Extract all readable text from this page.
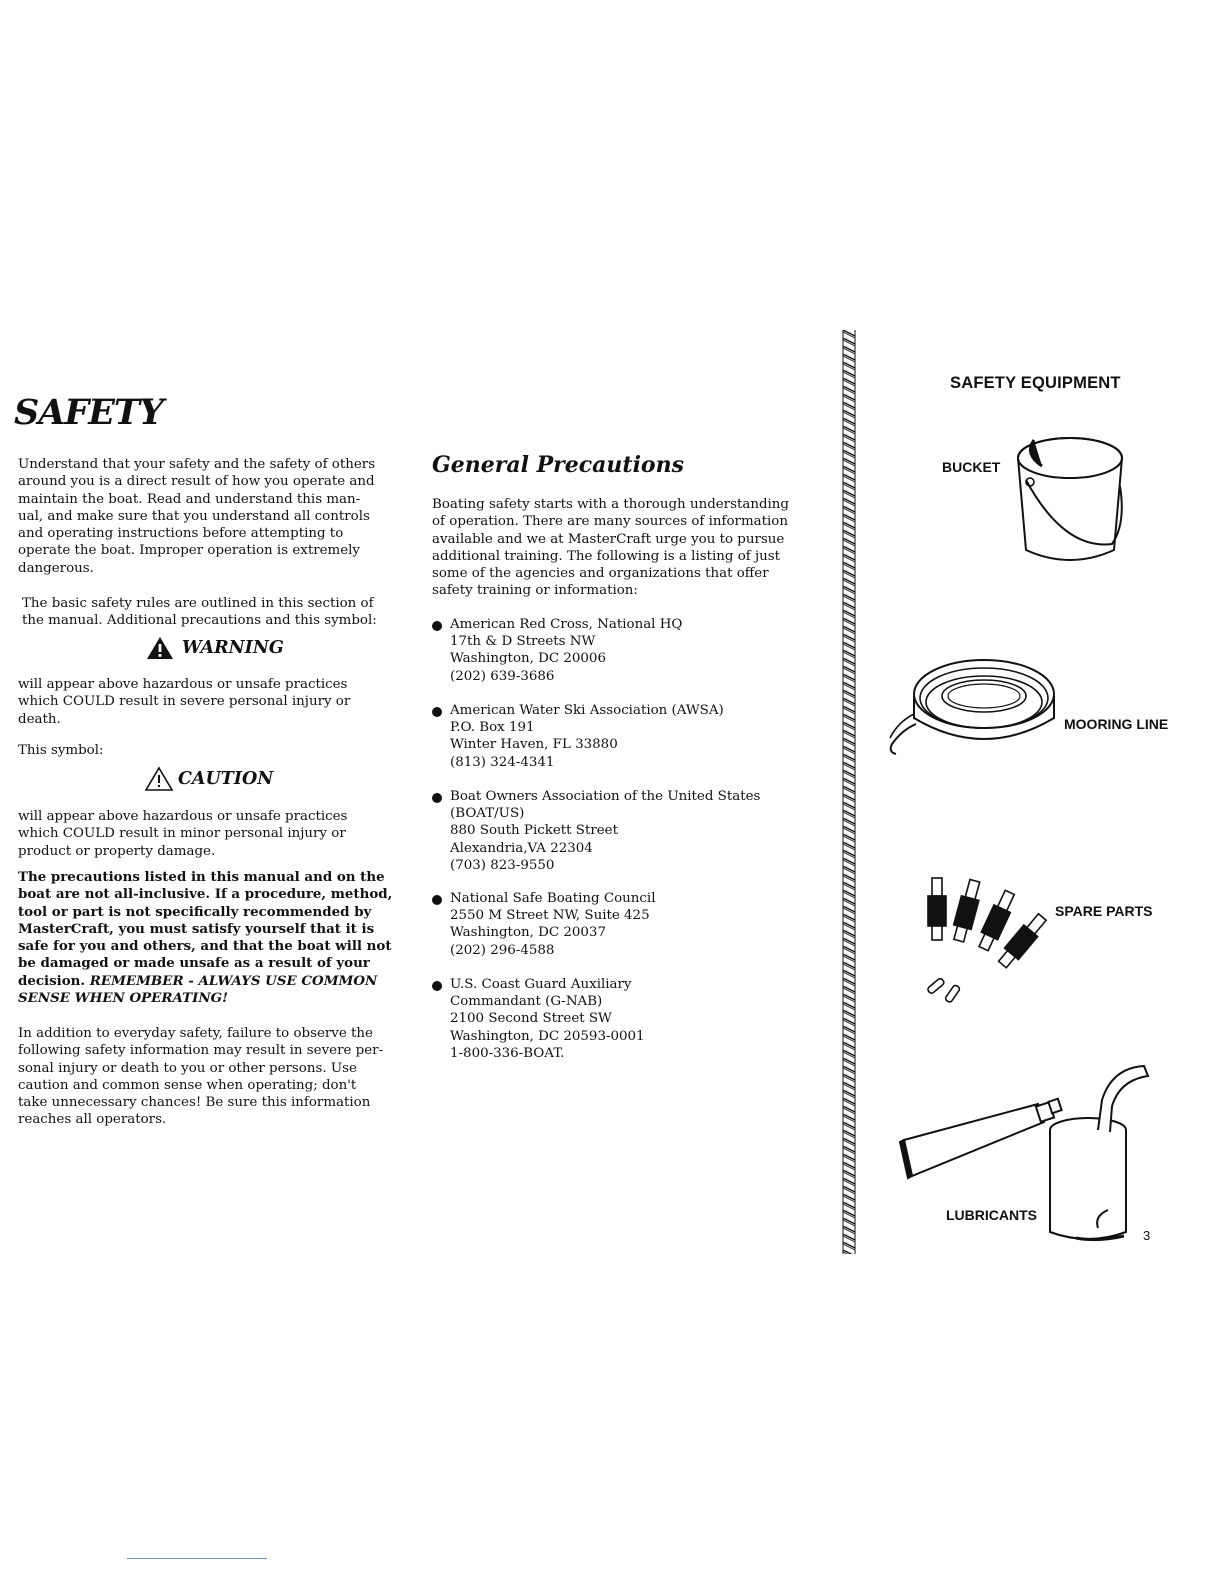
SAFETY

Understand that your safety and the safety of others

around you is a direct result of how you operate and

maintain the boat. Read and understand this man-

ual, and make sure that you understand all controls

and operating instructions before attempting to

operate the boat. Improper operation is extremely

dangerous.

The basic safety rules are outlined in this section of

the manual. Additional precautions and this symbol:

WARNING

will appear above hazardous or unsafe practices

which COULD result in severe personal injury or

death.

This symbol:

CAUTION

will appear above hazardous or unsafe practices

which COULD result in minor personal injury or

product or property damage.

The precautions listed in this manual and on the

boat are not all-inclusive. If a procedure, method,

tool or part is not specifically recommended by

MasterCraft, you must satisfy yourself that it is

safe for you and others, and that the boat will not

be damaged or made unsafe as a result of your

decision. REMEMBER - ALWAYS USE COMMON

SENSE WHEN OPERATING!

In addition to everyday safety, failure to observe the

following safety information may result in severe per-

sonal injury or death to you or other persons. Use

caution and common sense when operating; don't

take unnecessary chances! Be sure this information

reaches all operators.

General Precautions

Boating safety starts with a thorough understanding

of operation. There are many sources of information

available and we at MasterCraft urge you to pursue

additional training. The following is a listing of just

some of the agencies and organizations that offer

safety training or information:

American Red Cross, National HQ
17th & D Streets NW
Washington, DC 20006
(202) 639-3686
American Water Ski Association (AWSA)
P.O. Box 191
Winter Haven, FL 33880
(813) 324-4341
Boat Owners Association of the United States
(BOAT/US)
880 South Pickett Street
Alexandria,VA 22304
(703) 823-9550
National Safe Boating Council
2550 M Street NW, Suite 425
Washington, DC 20037
(202) 296-4588
U.S. Coast Guard Auxiliary
Commandant (G-NAB)
2100 Second Street SW
Washington, DC 20593-0001
1-800-336-BOAT.
SAFETY EQUIPMENT
BUCKET
MOORING LINE
SPARE PARTS
LUBRICANTS
3
